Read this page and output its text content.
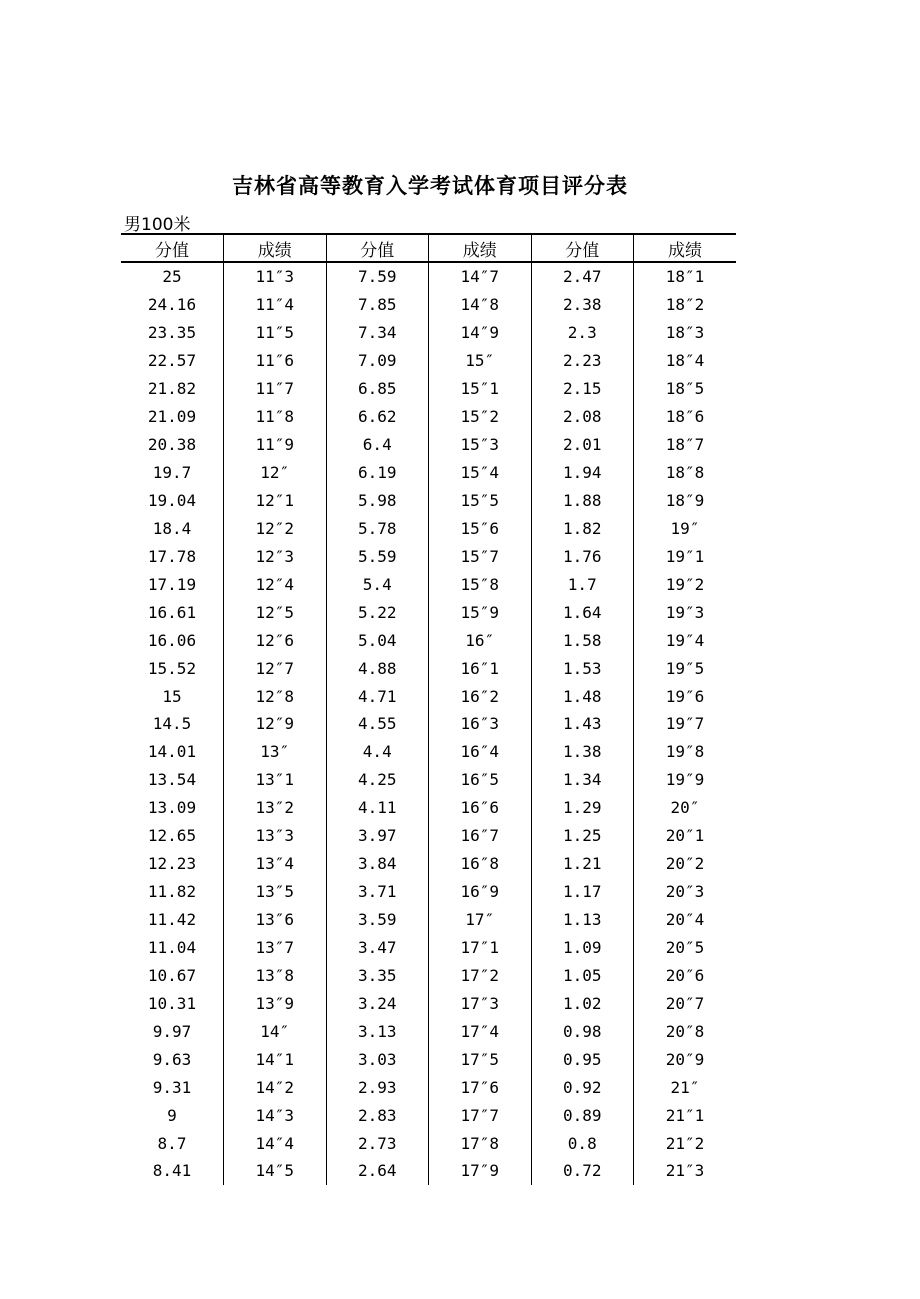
吉林省高等教育入学考试体育项目评分表
男100米
分值	成绩	分值	成绩	分值	成绩
25	11″3	7.59	14″7	2.47	18″1
24.16	11″4	7.85	14″8	2.38	18″2
23.35	11″5	7.34	14″9	2.3	18″3
22.57	11″6	7.09	15″	2.23	18″4
21.82	11″7	6.85	15″1	2.15	18″5
21.09	11″8	6.62	15″2	2.08	18″6
20.38	11″9	6.4	15″3	2.01	18″7
19.7	12″	6.19	15″4	1.94	18″8
19.04	12″1	5.98	15″5	1.88	18″9
18.4	12″2	5.78	15″6	1.82	19″
17.78	12″3	5.59	15″7	1.76	19″1
17.19	12″4	5.4	15″8	1.7	19″2
16.61	12″5	5.22	15″9	1.64	19″3
16.06	12″6	5.04	16″	1.58	19″4
15.52	12″7	4.88	16″1	1.53	19″5
15	12″8	4.71	16″2	1.48	19″6
14.5	12″9	4.55	16″3	1.43	19″7
14.01	13″	4.4	16″4	1.38	19″8
13.54	13″1	4.25	16″5	1.34	19″9
13.09	13″2	4.11	16″6	1.29	20″
12.65	13″3	3.97	16″7	1.25	20″1
12.23	13″4	3.84	16″8	1.21	20″2
11.82	13″5	3.71	16″9	1.17	20″3
11.42	13″6	3.59	17″	1.13	20″4
11.04	13″7	3.47	17″1	1.09	20″5
10.67	13″8	3.35	17″2	1.05	20″6
10.31	13″9	3.24	17″3	1.02	20″7
9.97	14″	3.13	17″4	0.98	20″8
9.63	14″1	3.03	17″5	0.95	20″9
9.31	14″2	2.93	17″6	0.92	21″
9	14″3	2.83	17″7	0.89	21″1
8.7	14″4	2.73	17″8	0.8	21″2
8.41	14″5	2.64	17″9	0.72	21″3
